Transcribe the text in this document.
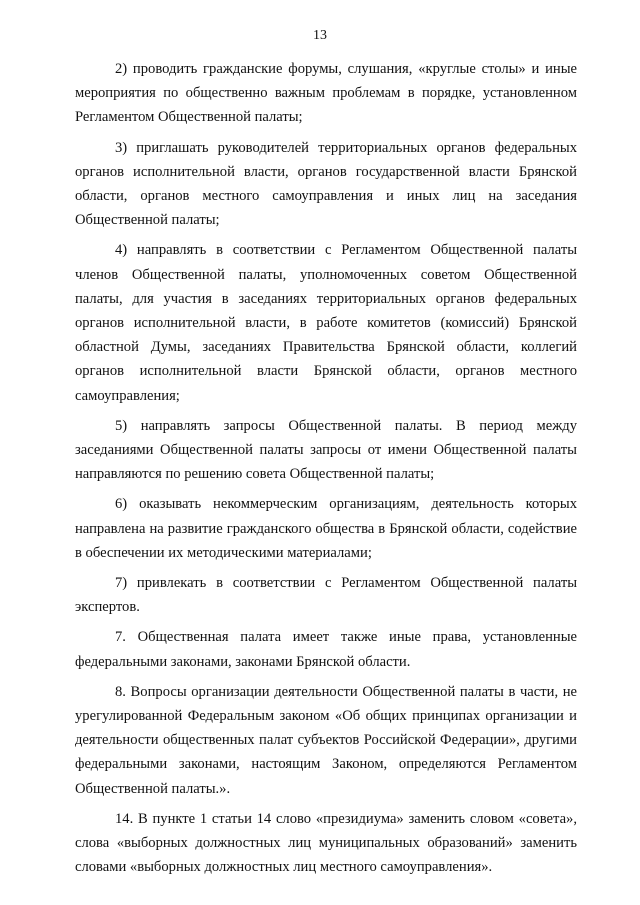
13

2) проводить гражданские форумы, слушания, «круглые столы» и иные мероприятия по общественно важным проблемам в порядке, установленном Регламентом Общественной палаты;

3) приглашать руководителей территориальных органов федеральных органов исполнительной власти, органов государственной власти Брянской области, органов местного самоуправления и иных лиц на заседания Общественной палаты;

4) направлять в соответствии с Регламентом Общественной палаты членов Общественной палаты, уполномоченных советом Общественной палаты, для участия в заседаниях территориальных органов федеральных органов исполнительной власти, в работе комитетов (комиссий) Брянской областной Думы, заседаниях Правительства Брянской области, коллегий органов исполнительной власти Брянской области, органов местного самоуправления;

5) направлять запросы Общественной палаты. В период между заседаниями Общественной палаты запросы от имени Общественной палаты направляются по решению совета Общественной палаты;

6) оказывать некоммерческим организациям, деятельность которых направлена на развитие гражданского общества в Брянской области, содействие в обеспечении их методическими материалами;

7) привлекать в соответствии с Регламентом Общественной палаты экспертов.

7. Общественная палата имеет также иные права, установленные федеральными законами, законами Брянской области.

8. Вопросы организации деятельности Общественной палаты в части, не урегулированной Федеральным законом «Об общих принципах организации и деятельности общественных палат субъектов Российской Федерации», другими федеральными законами, настоящим Законом, определяются Регламентом Общественной палаты.».

14. В пункте 1 статьи 14 слово «президиума» заменить словом «совета», слова «выборных должностных лиц муниципальных образований» заменить словами «выборных должностных лиц местного самоуправления».
